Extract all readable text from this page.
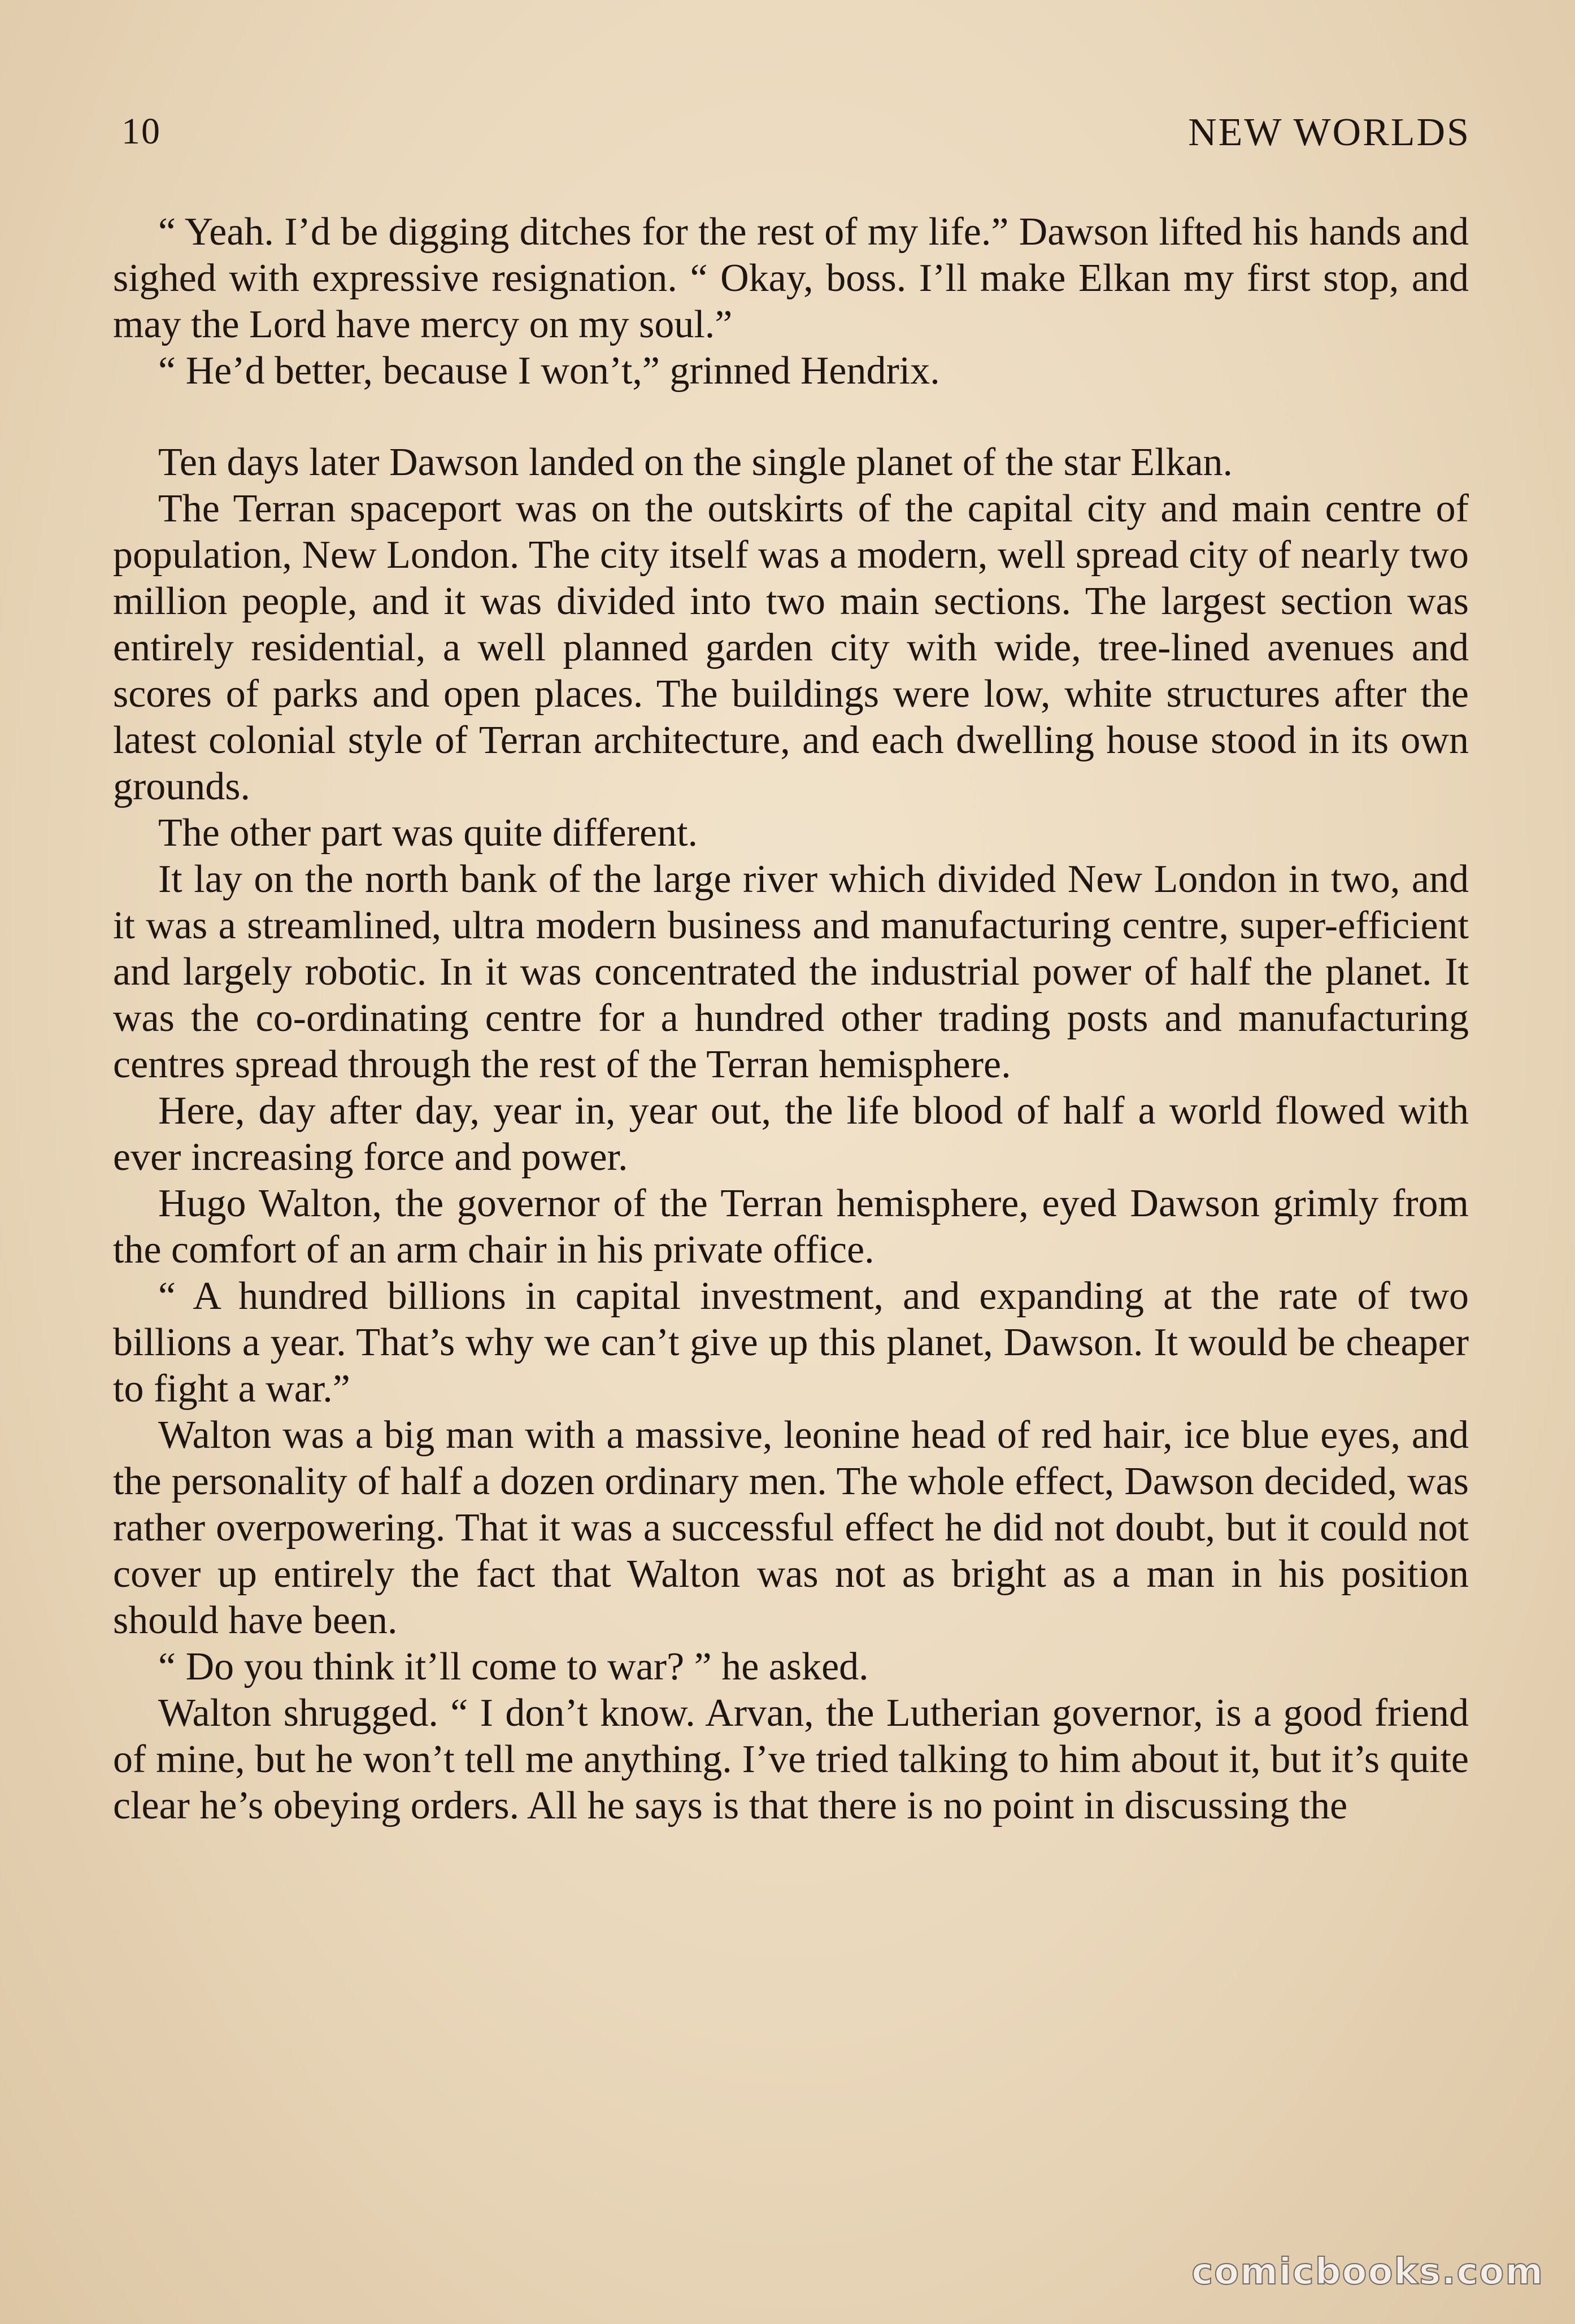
10	NEW WORLDS

“ Yeah. I’d be digging ditches for the rest of my life.” Dawson lifted his hands and sighed with expressive resignation. “ Okay, boss. I’ll make Elkan my first stop, and may the Lord have mercy on my soul.”

“ He’d better, because I won’t,” grinned Hendrix.

Ten days later Dawson landed on the single planet of the star Elkan.

The Terran spaceport was on the outskirts of the capital city and main centre of population, New London. The city itself was a modern, well spread city of nearly two million people, and it was divided into two main sections. The largest section was entirely residential, a well planned garden city with wide, tree-lined avenues and scores of parks and open places. The buildings were low, white structures after the latest colonial style of Terran architecture, and each dwelling house stood in its own grounds.

The other part was quite different.

It lay on the north bank of the large river which divided New London in two, and it was a streamlined, ultra modern business and manufacturing centre, super-efficient and largely robotic. In it was concentrated the industrial power of half the planet. It was the co-ordinating centre for a hundred other trading posts and manufacturing centres spread through the rest of the Terran hemisphere.

Here, day after day, year in, year out, the life blood of half a world flowed with ever increasing force and power.

Hugo Walton, the governor of the Terran hemisphere, eyed Dawson grimly from the comfort of an arm chair in his private office.

“ A hundred billions in capital investment, and expanding at the rate of two billions a year. That’s why we can’t give up this planet, Dawson. It would be cheaper to fight a war.”

Walton was a big man with a massive, leonine head of red hair, ice blue eyes, and the personality of half a dozen ordinary men. The whole effect, Dawson decided, was rather overpowering. That it was a successful effect he did not doubt, but it could not cover up entirely the fact that Walton was not as bright as a man in his position should have been.

“ Do you think it’ll come to war? ” he asked.

Walton shrugged. “ I don’t know. Arvan, the Lutherian governor, is a good friend of mine, but he won’t tell me anything. I’ve tried talking to him about it, but it’s quite clear he’s obeying orders. All he says is that there is no point in discussing the

comicbooks.com
